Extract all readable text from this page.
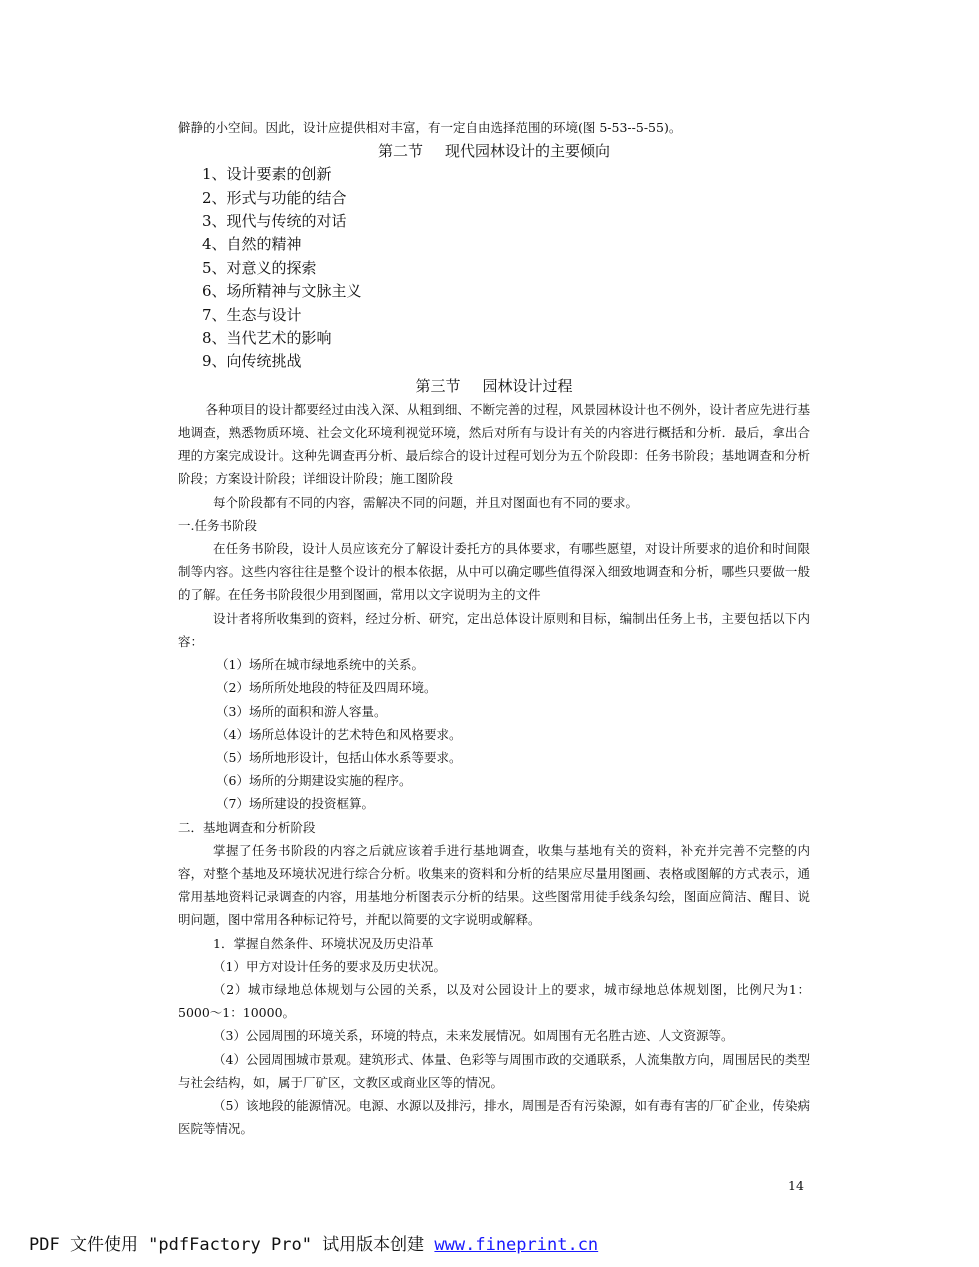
僻静的小空间。因此，设计应提供相对丰富，有一定自由选择范围的环境(图 5-53--5-55)。

第二节 现代园林设计的主要倾向

1、设计要素的创新
2、形式与功能的结合
3、现代与传统的对话
4、自然的精神
5、对意义的探索
6、场所精神与文脉主义
7、生态与设计
8、当代艺术的影响
9、向传统挑战

第三节 园林设计过程

各种项目的设计都要经过由浅入深、从粗到细、不断完善的过程，风景园林设计也不例外，设计者应先进行基地调查，熟悉物质环境、社会文化环境利视觉环境，然后对所有与设计有关的内容进行概括和分析．最后，拿出合理的方案完成设计。这种先调查再分析、最后综合的设计过程可划分为五个阶段即：任务书阶段；基地调查和分析阶段；方案设计阶段；详细设计阶段；施工图阶段

每个阶段都有不同的内容，需解决不同的问题，并且对图面也有不同的要求。

一.任务书阶段

在任务书阶段，设计人员应该充分了解设计委托方的具体要求，有哪些愿望，对设计所要求的追价和时间限制等内容。这些内容往往是整个设计的根本依据，从中可以确定哪些值得深入细致地调查和分析，哪些只要做一般的了解。在任务书阶段很少用到图画，常用以文字说明为主的文件

设计者将所收集到的资料，经过分析、研究，定出总体设计原则和目标，编制出任务上书，主要包括以下内容：

（1）场所在城市绿地系统中的关系。
（2）场所所处地段的特征及四周环境。
（3）场所的面积和游人容量。
（4）场所总体设计的艺术特色和风格要求。
（5）场所地形设计，包括山体水系等要求。
（6）场所的分期建设实施的程序。
（7）场所建设的投资框算。

二．基地调查和分析阶段

掌握了任务书阶段的内容之后就应该着手进行基地调查，收集与基地有关的资料，补充并完善不完整的内容，对整个基地及环境状况进行综合分析。收集来的资料和分析的结果应尽量用图画、表格或图解的方式表示，通常用基地资料记录调查的内容，用基地分析图表示分析的结果。这些图常用徒手线条勾绘，图面应简洁、醒目、说明问题，图中常用各种标记符号，并配以简要的文字说明或解释。

1．掌握自然条件、环境状况及历史沿革

（1）甲方对设计任务的要求及历史状况。

（2）城市绿地总体规划与公园的关系，以及对公园设计上的要求，城市绿地总体规划图，比例尺为1：5000～1：10000。

（3）公园周围的环境关系，环境的特点，未来发展情况。如周围有无名胜古迹、人文资源等。

（4）公园周围城市景观。建筑形式、体量、色彩等与周围市政的交通联系，人流集散方向，周围居民的类型与社会结构，如，属于厂矿区，文教区或商业区等的情况。

（5）该地段的能源情况。电源、水源以及排污，排水，周围是否有污染源，如有毒有害的厂矿企业，传染病医院等情况。

14
PDF 文件使用 "pdfFactory Pro" 试用版本创建 www.fineprint.cn
